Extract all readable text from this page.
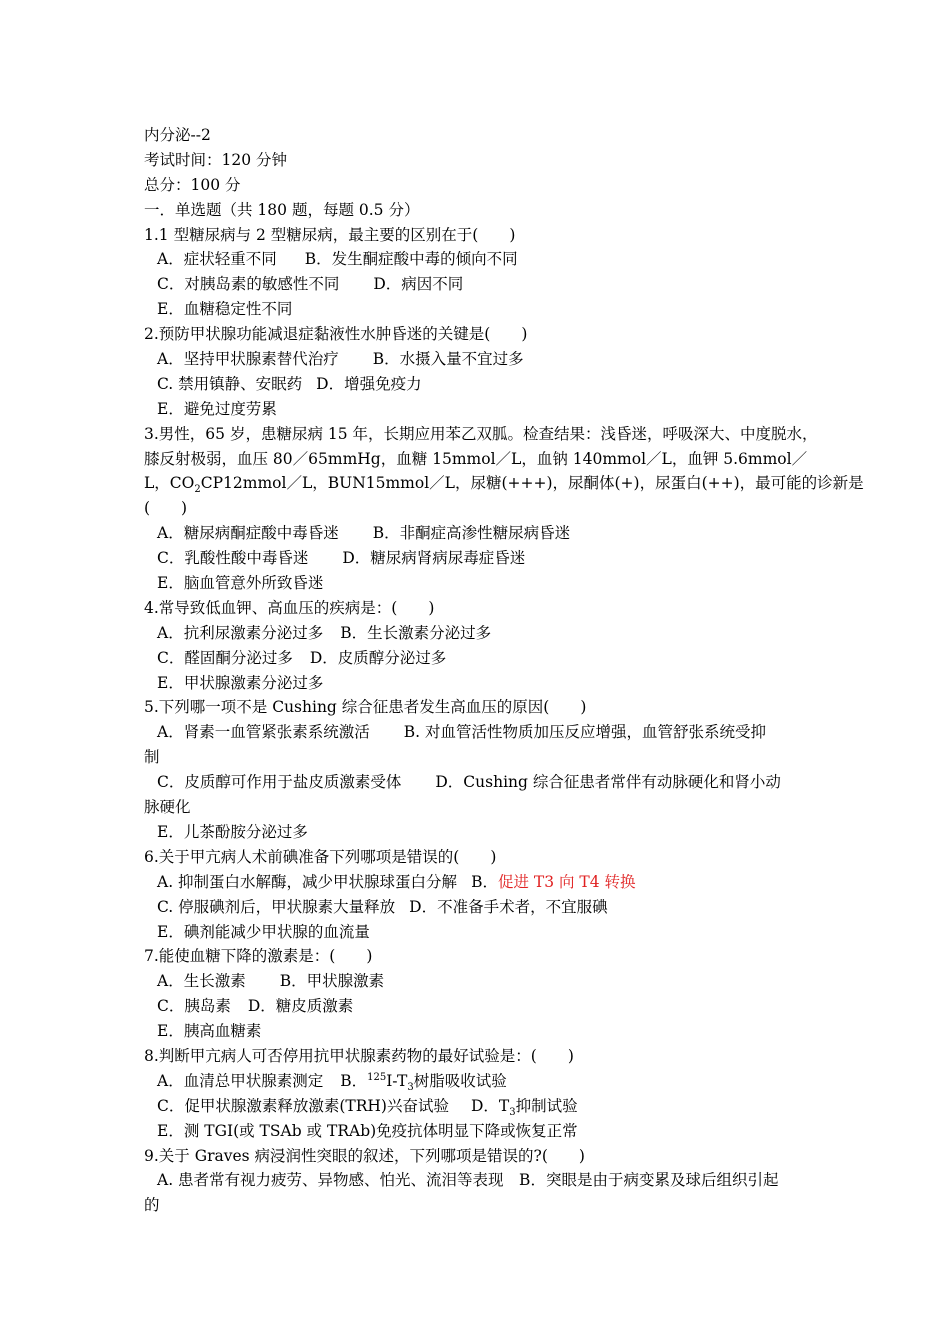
内分泌--2
考试时间：120 分钟
总分：100 分
一．单选题（共 180 题，每题 0.5 分）
1.1 型糖尿病与 2 型糖尿病，最主要的区别在于(　　)
A．症状轻重不同 B．发生酮症酸中毒的倾向不同
C．对胰岛素的敏感性不同 D．病因不同
E．血糖稳定性不同
2.预防甲状腺功能减退症黏液性水肿昏迷的关键是(　　)
A．坚持甲状腺素替代治疗 B．水摄入量不宜过多
C. 禁用镇静、安眠药 D．增强免疫力
E．避免过度劳累
3.男性，65 岁，患糖尿病 15 年，长期应用苯乙双胍。检查结果：浅昏迷，呼吸深大、中度脱水，
膝反射极弱，血压 80／65mmHg，血糖 15mmol／L，血钠 140mmol／L，血钾 5.6mmol／
L，$CO_2CP12mmol/L$，BUN15mmol／L，尿糖(+++)，尿酮体(+)，尿蛋白(++)，最可能的诊新是
(　　)
A．糖尿病酮症酸中毒昏迷 B．非酮症高渗性糖尿病昏迷
C．乳酸性酸中毒昏迷 D．糖尿病肾病尿毒症昏迷
E．脑血管意外所致昏迷
4.常导致低血钾、高血压的疾病是：(　　)
A．抗利尿激素分泌过多 B．生长激素分泌过多
C．醛固酮分泌过多 D．皮质醇分泌过多
E．甲状腺激素分泌过多
5.下列哪一项不是 Cushing 综合征患者发生高血压的原因(　　)
A．肾素一血管紧张素系统激活 B. 对血管活性物质加压反应增强，血管舒张系统受抑
制
C．皮质醇可作用于盐皮质激素受体 D．Cushing 综合征患者常伴有动脉硬化和肾小动
脉硬化
E．儿茶酚胺分泌过多
6.关于甲亢病人术前碘准备下列哪项是错误的(　　)
A. 抑制蛋白水解酶，减少甲状腺球蛋白分解 B．促进 T3 向 T4 转换
C. 停服碘剂后，甲状腺素大量释放 D．不准备手术者，不宜服碘
E．碘剂能减少甲状腺的血流量
7.能使血糖下降的激素是：(　　)
A．生长激素 B．甲状腺激素
C．胰岛素 D．糖皮质激素
E．胰高血糖素
8.判断甲亢病人可否停用抗甲状腺素药物的最好试验是：(　　)
A．血清总甲状腺素测定 B．$^{125}I-T_3$树脂吸收试验
C．促甲状腺激素释放激素(TRH)兴奋试验 D．$T_3$抑制试验
E．测 TGI(或 TSAb 或 TRAb)免疫抗体明显下降或恢复正常
9.关于 Graves 病浸润性突眼的叙述，下列哪项是错误的?(　　)
A. 患者常有视力疲劳、异物感、怕光、流泪等表现　B．突眼是由于病变累及球后组织引起
的
